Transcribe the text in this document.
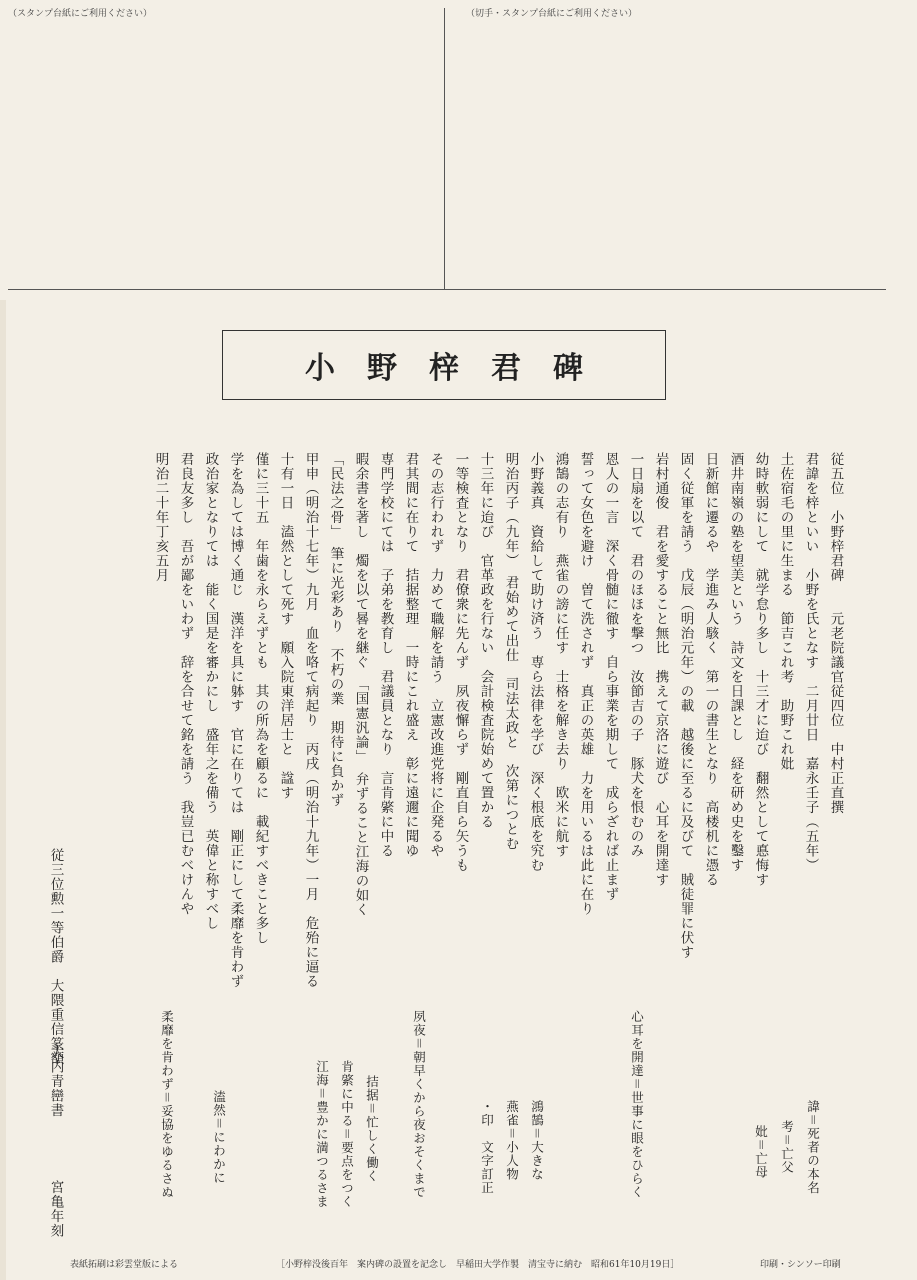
（スタンプ台紙にご利用ください）	（切手・スタンプ台紙にご利用ください）
小野梓君碑
従五位　小野梓君碑　　元老院議官従四位　中村正直撰
君諱を梓といい　小野を氏となす　二月廿日　嘉永壬子（五年）
土佐宿毛の里に生まる　節吉これ考　助野これ妣
幼時軟弱にして　就学怠り多し　十三才に迨び　翻然として悳悔す
酒井南嶺の塾を望美という　詩文を日課とし　経を研め史を鑿す
日新館に遷るや　学進み人駭く　第一の書生となり　高楼机に憑る
固く従軍を請う　戊辰（明治元年）の載　越後に至るに及びて　賊徒罪に伏す
岩村通俊　君を愛すること無比　携えて京洛に遊び　心耳を開達す
一日扇を以て　君のほほを撃つ　汝節吉の子　豚犬を恨むのみ
恩人の一言　深く骨髄に徹す　自ら事業を期して　成らざれば止まず
誓って女色を避け　曽て洗されず　真正の英雄　力を用いるは此に在り
鴻鵠の志有り　燕雀の謗に任す　士格を解き去り　欧米に航す
小野義真　資給して助け済う　専ら法律を学び　深く根底を究む
明治丙子（九年）　君始めて出仕　司法太政と　次第につとむ
十三年に迨び　官革政を行ない　会計検査院始めて置かる
一等検査となり　君僚衆に先んず　夙夜懈らず　剛直自ら矢うも
その志行われず　力めて職解を請う　立憲改進党将に企発るや
君其間に在りて　拮据整理　一時にこれ盛え　彰に遠邇に聞ゆ
専門学校にては　子弟を教育し　君議員となり　言肯綮に中る
暇余書を著し　燭を以て晷を継ぐ　「国憲汎論」　弁ずること江海の如く
「民法之骨」　筆に光彩あり　不朽の業　期待に負かず
甲申（明治十七年）九月　血を咯て病起り　丙戌（明治十九年）一月　危殆に逼る
十有一日　溘然として死す　願入院東洋居士と　諡す
僅に三十五　年歯を永らえずとも　其の所為を顧るに　載紀すべきこと多し
学を為しては博く通じ　漢洋を具に躰す　官に在りては　剛正にして柔靡を肯わず
政治家となりては　能く国是を審かにし　盛年之を備う　英偉と称すべし
君良友多し　吾が鄙をいわず　辞を合せて銘を請う　我豈已むべけんや
明治二十年丁亥五月
従三位勲一等伯爵　大隈重信篆額
大内青巒書
宮亀年刻
諱＝死者の本名
考＝亡父
妣＝亡母
心耳を開達＝世事に眼をひらく
鴻鵠＝大きな
燕雀＝小人物
・印　文字訂正
夙夜＝朝早くから夜おそくまで
拮据＝忙しく働く
肯綮に中る＝要点をつく
江海＝豊かに満つるさま
溘然＝にわかに
柔靡を肯わず＝妥協をゆるさぬ
表紙拓刷は彩雲堂版による	［小野梓没後百年　案内碑の設置を記念し　早稲田大学作製　清宝寺に納む　昭和61年10月19日］	印刷・シンソー印刷
